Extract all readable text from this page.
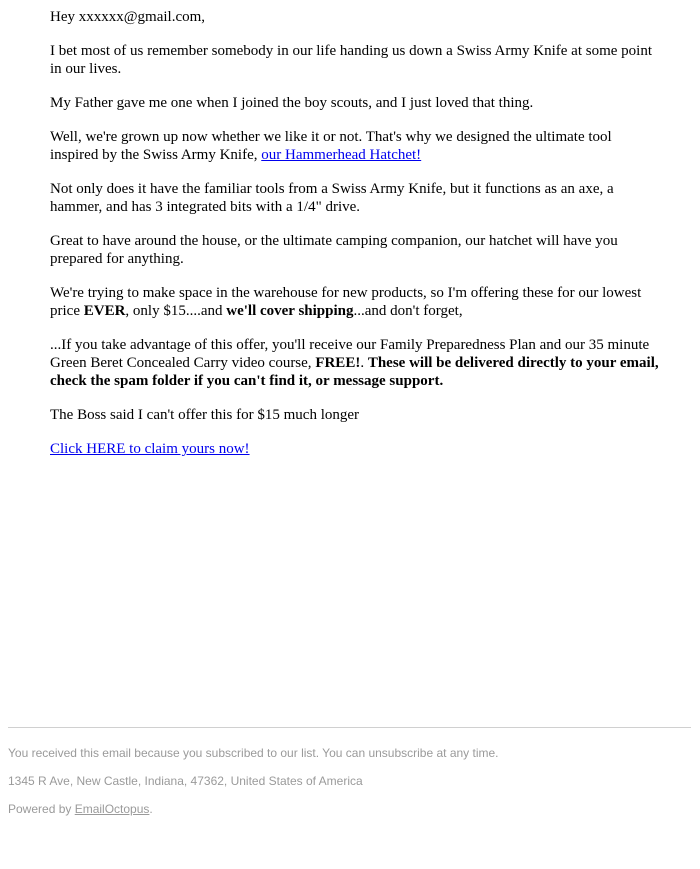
Hey xxxxxx@gmail.com,

I bet most of us remember somebody in our life handing us down a Swiss Army Knife at some point in our lives.

My Father gave me one when I joined the boy scouts, and I just loved that thing.

Well, we're grown up now whether we like it or not. That's why we designed the ultimate tool inspired by the Swiss Army Knife, our Hammerhead Hatchet!

Not only does it have the familiar tools from a Swiss Army Knife, but it functions as an axe, a hammer, and has 3 integrated bits with a 1/4" drive.

Great to have around the house, or the ultimate camping companion, our hatchet will have you prepared for anything.

We're trying to make space in the warehouse for new products, so I'm offering these for our lowest price EVER, only $15....and we'll cover shipping...and don't forget,

...If you take advantage of this offer, you'll receive our Family Preparedness Plan and our 35 minute Green Beret Concealed Carry video course, FREE!. These will be delivered directly to your email, check the spam folder if you can't find it, or message support.

The Boss said I can't offer this for $15 much longer

Click HERE to claim yours now!

You received this email because you subscribed to our list. You can unsubscribe at any time.

1345 R Ave, New Castle, Indiana, 47362, United States of America

Powered by EmailOctopus.
